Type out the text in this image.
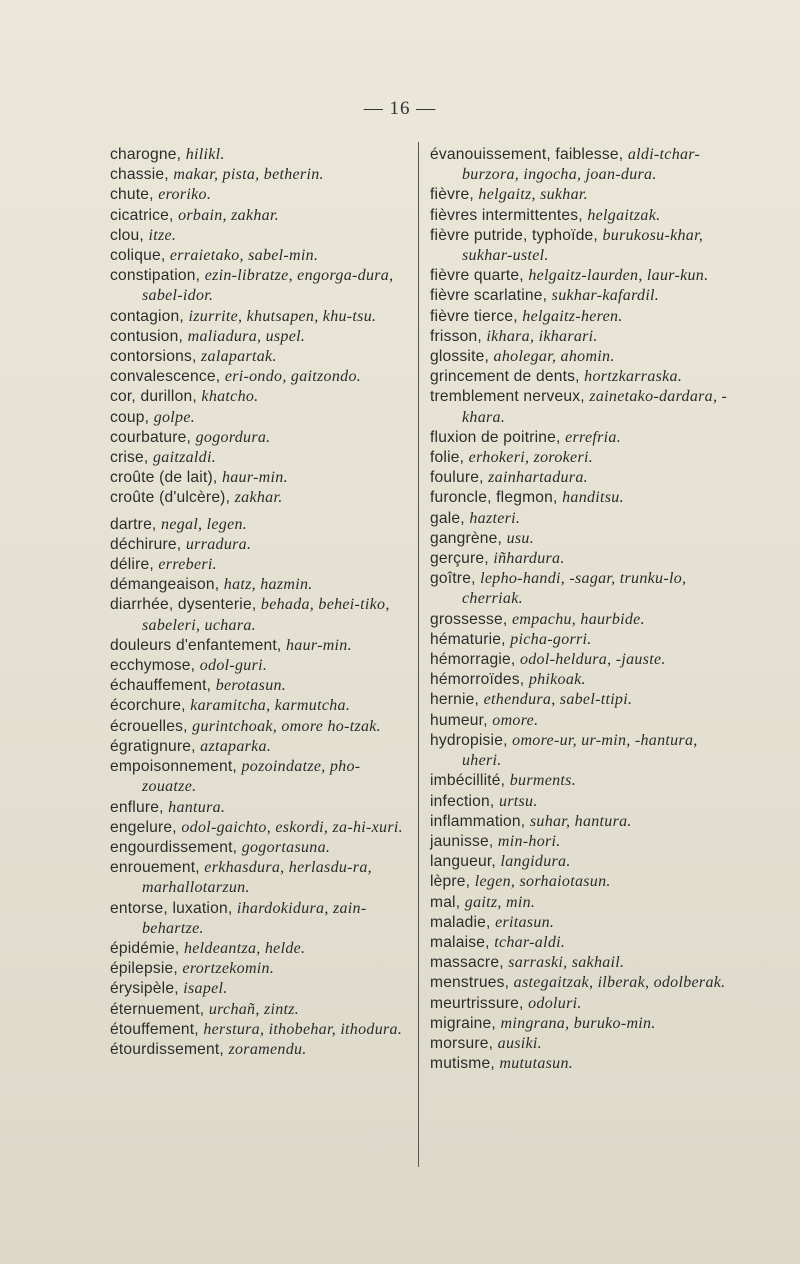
— 16 —

charogne, hilikl.

chassie, makar, pista, betherin.

chute, eroriko.

cicatrice, orbain, zakhar.

clou, itze.

colique, erraietako, sabel-min.

constipation, ezin-libratze, engorga-dura, sabel-idor.

contagion, izurrite, khutsapen, khu-tsu.

contusion, maliadura, uspel.

contorsions, zalapartak.

convalescence, eri-ondo, gaitzondo.

cor, durillon, khatcho.

coup, golpe.

courbature, gogordura.

crise, gaitzaldi.

croûte (de lait), haur-min.

croûte (d'ulcère), zakhar.

dartre, negal, legen.

déchirure, urradura.

délire, erreberi.

démangeaison, hatz, hazmin.

diarrhée, dysenterie, behada, behei-tiko, sabeleri, uchara.

douleurs d'enfantement, haur-min.

ecchymose, odol-guri.

échauffement, berotasun.

écorchure, karamitcha, karmutcha.

écrouelles, gurintchoak, omore ho-tzak.

égratignure, aztaparka.

empoisonnement, pozoindatze, pho-zouatze.

enflure, hantura.

engelure, odol-gaichto, eskordi, za-hi-xuri.

engourdissement, gogortasuna.

enrouement, erkhasdura, herlasdu-ra, marhallotarzun.

entorse, luxation, ihardokidura, zain-behartze.

épidémie, heldeantza, helde.

épilepsie, erortzekomin.

érysipèle, isapel.

éternuement, urchañ, zintz.

étouffement, herstura, ithobehar, ithodura.

étourdissement, zoramendu.

évanouissement, faiblesse, aldi-tchar-burzora, ingocha, joan-dura.

fièvre, helgaitz, sukhar.

fièvres intermittentes, helgaitzak.

fièvre putride, typhoïde, burukosu-khar, sukhar-ustel.

fièvre quarte, helgaitz-laurden, laur-kun.

fièvre scarlatine, sukhar-kafardil.

fièvre tierce, helgaitz-heren.

frisson, ikhara, ikharari.

glossite, aholegar, ahomin.

grincement de dents, hortzkarraska.

tremblement nerveux, zainetako-dardara, -khara.

fluxion de poitrine, errefria.

folie, erhokeri, zorokeri.

foulure, zainhartadura.

furoncle, flegmon, handitsu.

gale, hazteri.

gangrène, usu.

gerçure, iñhardura.

goître, lepho-handi, -sagar, trunku-lo, cherriak.

grossesse, empachu, haurbide.

hématurie, picha-gorri.

hémorragie, odol-heldura, -jauste.

hémorroïdes, phikoak.

hernie, ethendura, sabel-ttipi.

humeur, omore.

hydropisie, omore-ur, ur-min, -hantura, uheri.

imbécillité, burments.

infection, urtsu.

inflammation, suhar, hantura.

jaunisse, min-hori.

langueur, langidura.

lèpre, legen, sorhaiotasun.

mal, gaitz, min.

maladie, eritasun.

malaise, tchar-aldi.

massacre, sarraski, sakhail.

menstrues, astegaitzak, ilberak, odolberak.

meurtrissure, odoluri.

migraine, mingrana, buruko-min.

morsure, ausiki.

mutisme, mututasun.
